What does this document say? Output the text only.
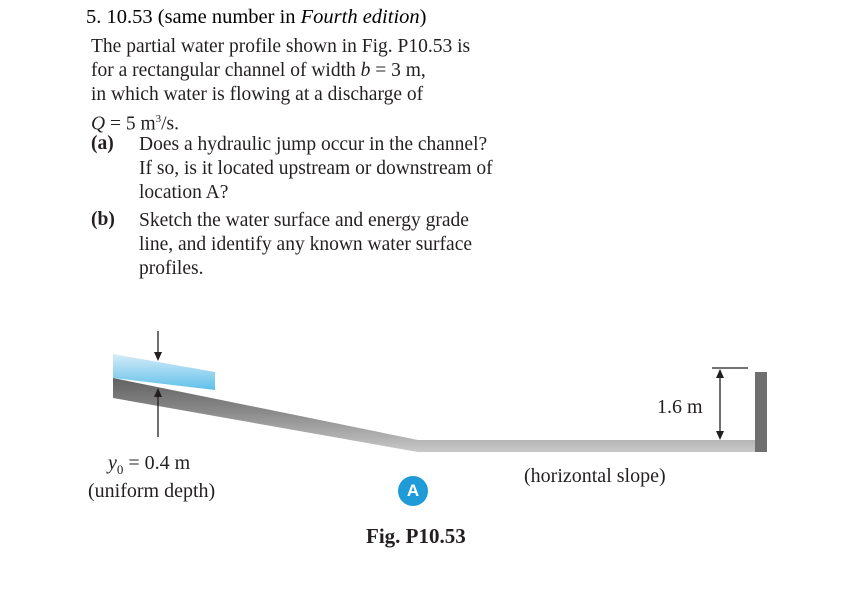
5. 10.53 (same number in Fourth edition)
The partial water profile shown in Fig. P10.53 is
for a rectangular channel of width b = 3 m,
in which water is flowing at a discharge of
Q = 5 $m^3/s$.
(a) Does a hydraulic jump occur in the channel?
If so, is it located upstream or downstream of
location A?
(b) Sketch the water surface and energy grade
line, and identify any known water surface
profiles.
$y_0 = 0.4$ m
(uniform depth)	A
(horizontal slope)
1.6 m
Fig. P10.53
